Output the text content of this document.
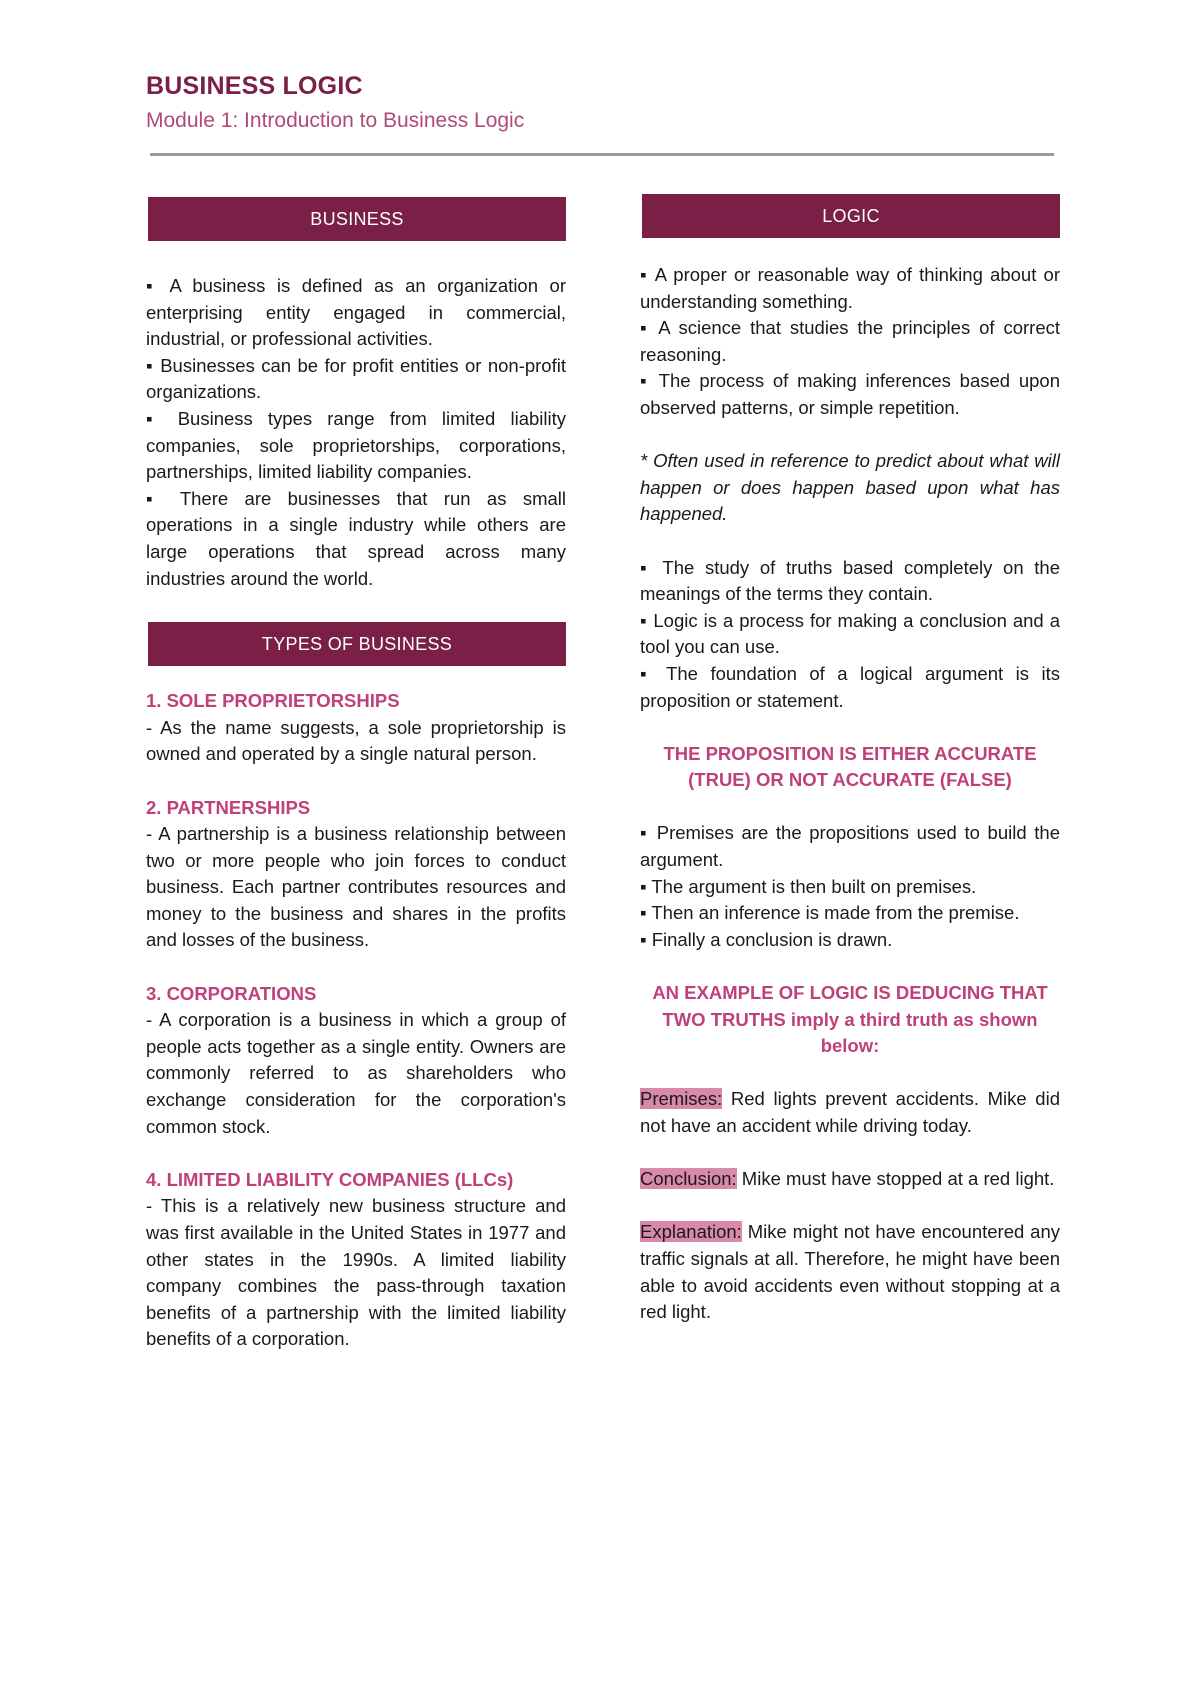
BUSINESS LOGIC
Module 1: Introduction to Business Logic
BUSINESS

▪ A business is defined as an organization or enterprising entity engaged in commercial, industrial, or professional activities.

▪ Businesses can be for profit entities or non-profit organizations.

▪ Business types range from limited liability companies, sole proprietorships, corporations, partnerships, limited liability companies.

▪ There are businesses that run as small operations in a single industry while others are large operations that spread across many industries around the world.

TYPES OF BUSINESS

1. SOLE PROPRIETORSHIPS

- As the name suggests, a sole proprietorship is owned and operated by a single natural person.

2. PARTNERSHIPS

- A partnership is a business relationship between two or more people who join forces to conduct business. Each partner contributes resources and money to the business and shares in the profits and losses of the business.

3. CORPORATIONS

- A corporation is a business in which a group of people acts together as a single entity. Owners are commonly referred to as shareholders who exchange consideration for the corporation's common stock.

4. LIMITED LIABILITY COMPANIES (LLCs)

- This is a relatively new business structure and was first available in the United States in 1977 and other states in the 1990s. A limited liability company combines the pass-through taxation benefits of a partnership with the limited liability benefits of a corporation.

LOGIC

▪ A proper or reasonable way of thinking about or understanding something.

▪ A science that studies the principles of correct reasoning.

▪ The process of making inferences based upon observed patterns, or simple repetition.

* Often used in reference to predict about what will happen or does happen based upon what has happened.

▪ The study of truths based completely on the meanings of the terms they contain.

▪ Logic is a process for making a conclusion and a tool you can use.

▪ The foundation of a logical argument is its proposition or statement.

THE PROPOSITION IS EITHER ACCURATE (TRUE) OR NOT ACCURATE (FALSE)

▪ Premises are the propositions used to build the argument.

▪ The argument is then built on premises.

▪ Then an inference is made from the premise.

▪ Finally a conclusion is drawn.

AN EXAMPLE OF LOGIC IS DEDUCING THAT TWO TRUTHS imply a third truth as shown below:

Premises: Red lights prevent accidents. Mike did not have an accident while driving today.

Conclusion: Mike must have stopped at a red light.

Explanation: Mike might not have encountered any traffic signals at all. Therefore, he might have been able to avoid accidents even without stopping at a red light.
